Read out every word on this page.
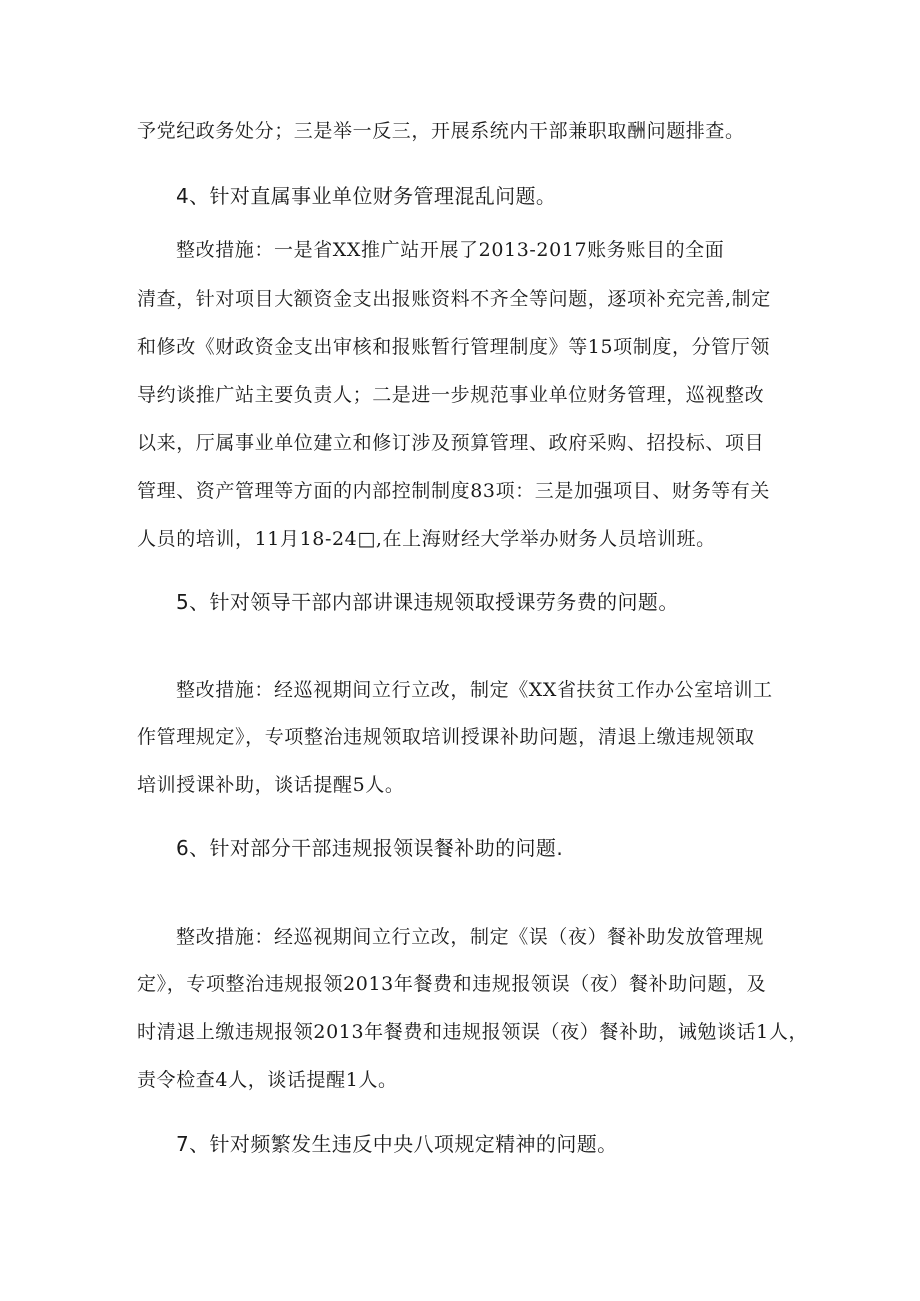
予党纪政务处分；三是举一反三，开展系统内干部兼职取酬问题排查。
4、针对直属事业单位财务管理混乱问题。
整改措施：一是省XX推广站开展了2013-2017账务账目的全面
清查，针对项目大额资金支出报账资料不齐全等问题，逐项补充完善,制定
和修改《财政资金支出审核和报账暂行管理制度》等15项制度，分管厅领
导约谈推广站主要负责人；二是进一步规范事业单位财务管理，巡视整改
以来，厅属事业单位建立和修订涉及预算管理、政府采购、招投标、项目
管理、资产管理等方面的内部控制制度83项：三是加强项目、财务等有关
人员的培训，11月18-24□,在上海财经大学举办财务人员培训班。
5、针对领导干部内部讲课违规领取授课劳务费的问题。
整改措施：经巡视期间立行立改，制定《XX省扶贫工作办公室培训工
作管理规定》，专项整治违规领取培训授课补助问题，清退上缴违规领取
培训授课补助，谈话提醒5人。
6、针对部分干部违规报领误餐补助的问题.
整改措施：经巡视期间立行立改，制定《误（夜）餐补助发放管理规
定》，专项整治违规报领2013年餐费和违规报领误（夜）餐补助问题，及
时清退上缴违规报领2013年餐费和违规报领误（夜）餐补助，诫勉谈话1人，
责令检查4人，谈话提醒1人。
7、针对频繁发生违反中央八项规定精神的问题。
